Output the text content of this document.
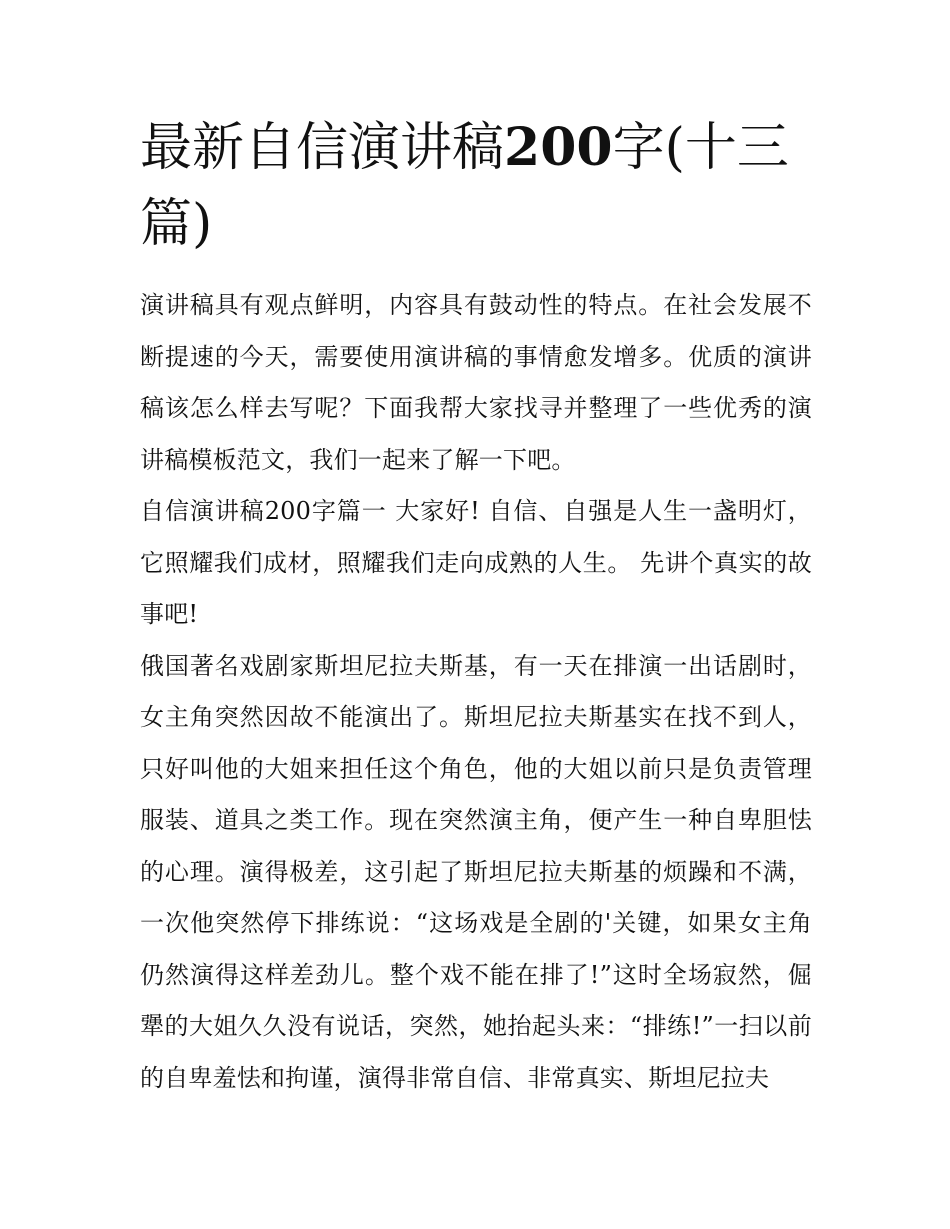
最新自信演讲稿200字(十三篇)

演讲稿具有观点鲜明，内容具有鼓动性的特点。在社会发展不断提速的今天，需要使用演讲稿的事情愈发增多。优质的演讲稿该怎么样去写呢？下面我帮大家找寻并整理了一些优秀的演讲稿模板范文，我们一起来了解一下吧。

自信演讲稿200字篇一 大家好! 自信、自强是人生一盏明灯，它照耀我们成材，照耀我们走向成熟的人生。 先讲个真实的故事吧!

俄国著名戏剧家斯坦尼拉夫斯基，有一天在排演一出话剧时，女主角突然因故不能演出了。斯坦尼拉夫斯基实在找不到人，只好叫他的大姐来担任这个角色，他的大姐以前只是负责管理服装、道具之类工作。现在突然演主角，便产生一种自卑胆怯的心理。演得极差，这引起了斯坦尼拉夫斯基的烦躁和不满，一次他突然停下排练说：“这场戏是全剧的'关键，如果女主角仍然演得这样差劲儿。整个戏不能在排了!”这时全场寂然，倔犟的大姐久久没有说话，突然，她抬起头来：“排练!”一扫以前的自卑羞怯和拘谨，演得非常自信、非常真实、斯坦尼拉夫
